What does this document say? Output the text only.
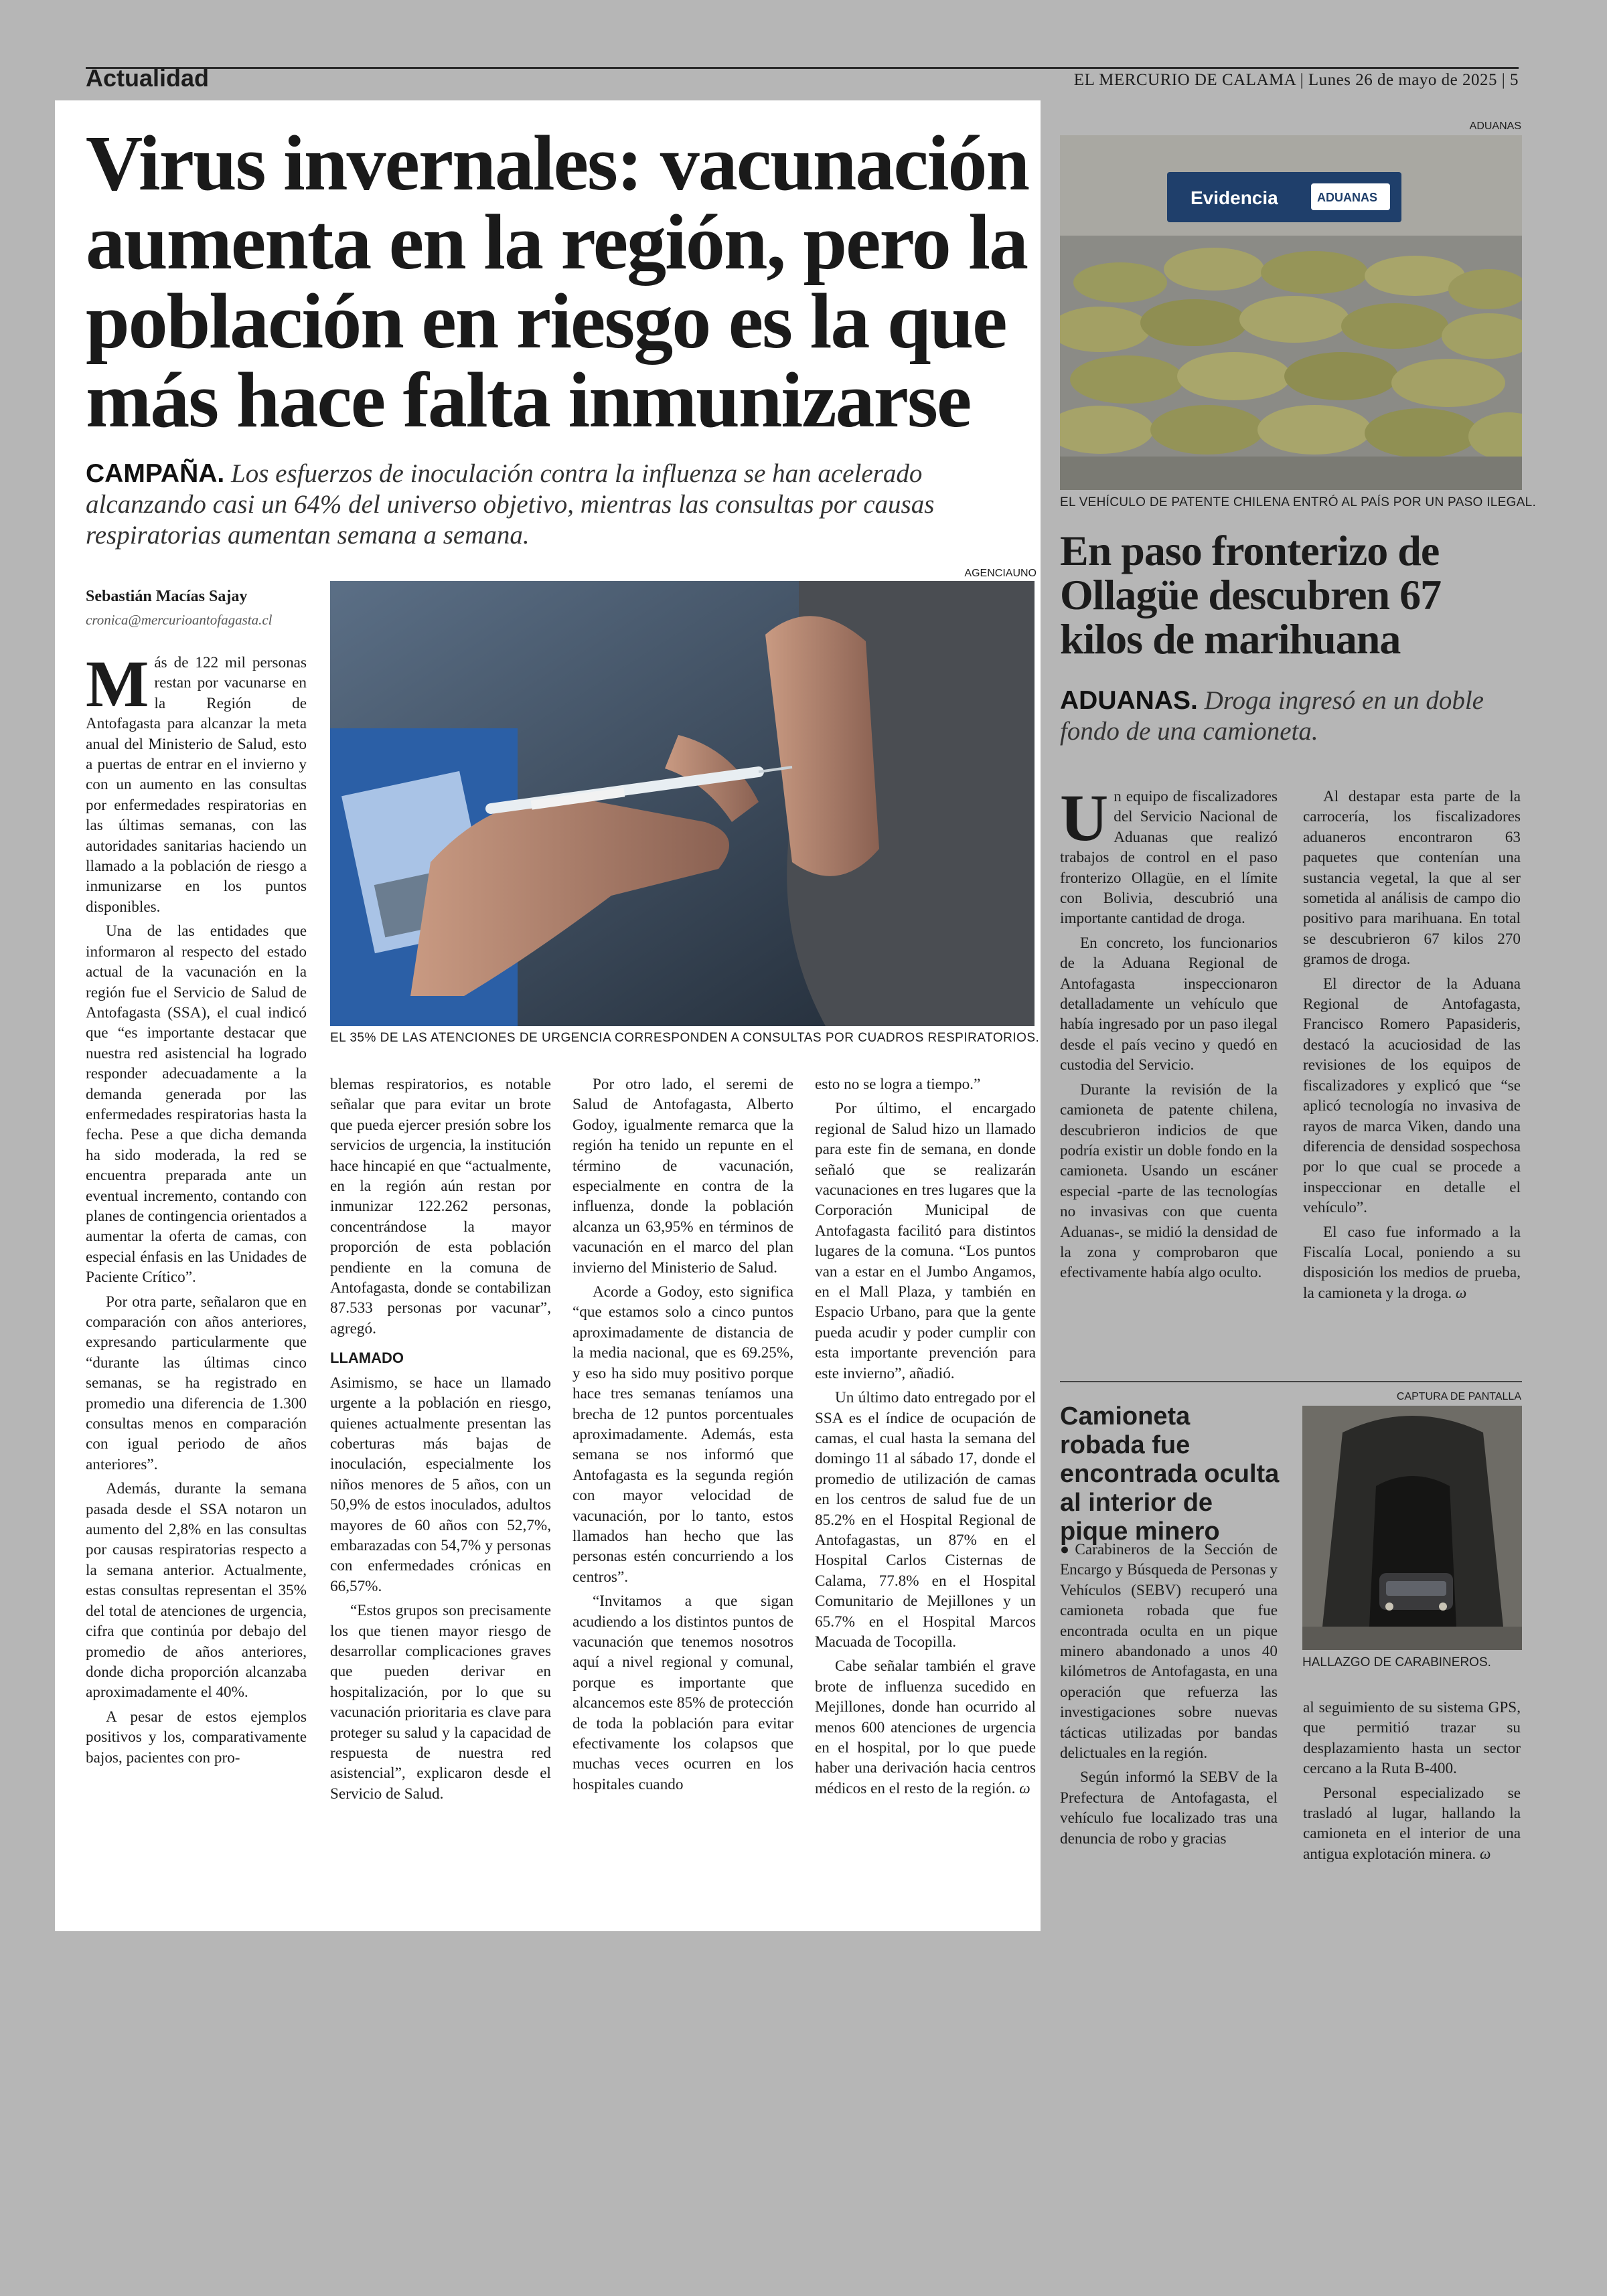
Actualidad	EL MERCURIO DE CALAMA | Lunes 26 de mayo de 2025 | 5
Virus invernales: vacunación aumenta en la región, pero la población en riesgo es la que más hace falta inmunizarse
CAMPAÑA. Los esfuerzos de inoculación contra la influenza se han acelerado alcanzando casi un 64% del universo objetivo, mientras las consultas por causas respiratorias aumentan semana a semana.
Sebastián Macías Sajay
cronica@mercurioantofagasta.cl
AGENCIAUNO
EL 35% DE LAS ATENCIONES DE URGENCIA CORRESPONDEN A CONSULTAS POR CUADROS RESPIRATORIOS.

Más de 122 mil personas restan por vacunarse en la Región de Antofagasta para alcanzar la meta anual del Ministerio de Salud, esto a puertas de entrar en el invierno y con un aumento en las consultas por enfermedades respiratorias en las últimas semanas, con las autoridades sanitarias haciendo un llamado a la población de riesgo a inmunizarse en los puntos disponibles.

Una de las entidades que informaron al respecto del estado actual de la vacunación en la región fue el Servicio de Salud de Antofagasta (SSA), el cual indicó que “es importante destacar que nuestra red asistencial ha logrado responder adecuadamente a la demanda generada por las enfermedades respiratorias hasta la fecha. Pese a que dicha demanda ha sido moderada, la red se encuentra preparada ante un eventual incremento, contando con planes de contingencia orientados a aumentar la oferta de camas, con especial énfasis en las Unidades de Paciente Crítico”.

Por otra parte, señalaron que en comparación con años anteriores, expresando particularmente que “durante las últimas cinco semanas, se ha registrado en promedio una diferencia de 1.300 consultas menos en comparación con igual periodo de años anteriores”.

Además, durante la semana pasada desde el SSA notaron un aumento del 2,8% en las consultas por causas respiratorias respecto a la semana anterior. Actualmente, estas consultas representan el 35% del total de atenciones de urgencia, cifra que continúa por debajo del promedio de años anteriores, donde dicha proporción alcanzaba aproximadamente el 40%.

A pesar de estos ejemplos positivos y los, comparativamente bajos, pacientes con pro-

blemas respiratorios, es notable señalar que para evitar un brote que pueda ejercer presión sobre los servicios de urgencia, la institución hace hincapié en que “actualmente, en la región aún restan por inmunizar 122.262 personas, concentrándose la mayor proporción de esta población pendiente en la comuna de Antofagasta, donde se contabilizan 87.533 personas por vacunar”, agregó.

LLAMADO

Asimismo, se hace un llamado urgente a la población en riesgo, quienes actualmente presentan las coberturas más bajas de inoculación, especialmente los niños menores de 5 años, con un 50,9% de estos inoculados, adultos mayores de 60 años con 52,7%, embarazadas con 54,7% y personas con enfermedades crónicas en 66,57%.

“Estos grupos son precisamente los que tienen mayor riesgo de desarrollar complicaciones graves que pueden derivar en hospitalización, por lo que su vacunación prioritaria es clave para proteger su salud y la capacidad de respuesta de nuestra red asistencial”, explicaron desde el Servicio de Salud.

Por otro lado, el seremi de Salud de Antofagasta, Alberto Godoy, igualmente remarca que la región ha tenido un repunte en el término de vacunación, especialmente en contra de la influenza, donde la población alcanza un 63,95% en términos de vacunación en el marco del plan invierno del Ministerio de Salud.

Acorde a Godoy, esto significa “que estamos solo a cinco puntos aproximadamente de distancia de la media nacional, que es 69.25%, y eso ha sido muy positivo porque hace tres semanas teníamos una brecha de 12 puntos porcentuales aproximadamente. Además, esta semana se nos informó que Antofagasta es la segunda región con mayor velocidad de vacunación, por lo tanto, estos llamados han hecho que las personas estén concurriendo a los centros”.

“Invitamos a que sigan acudiendo a los distintos puntos de vacunación que tenemos nosotros aquí a nivel regional y comunal, porque es importante que alcancemos este 85% de protección de toda la población para evitar efectivamente los colapsos que muchas veces ocurren en los hospitales cuando

esto no se logra a tiempo.”

Por último, el encargado regional de Salud hizo un llamado para este fin de semana, en donde señaló que se realizarán vacunaciones en tres lugares que la Corporación Municipal de Antofagasta facilitó para distintos lugares de la comuna. “Los puntos van a estar en el Jumbo Angamos, en el Mall Plaza, y también en Espacio Urbano, para que la gente pueda acudir y poder cumplir con esta importante prevención para este invierno”, añadió.

Un último dato entregado por el SSA es el índice de ocupación de camas, el cual hasta la semana del domingo 11 al sábado 17, donde el promedio de utilización de camas en los centros de salud fue de un 85.2% en el Hospital Regional de Antofagastas, un 87% en el Hospital Carlos Cisternas de Calama, 77.8% en el Hospital Comunitario de Mejillones y un 65.7% en el Hospital Marcos Macuada de Tocopilla.

Cabe señalar también el grave brote de influenza sucedido en Mejillones, donde han ocurrido al menos 600 atenciones de urgencia en el hospital, por lo que puede haber una derivación hacia centros médicos en el resto de la región. ω

ADUANAS
Evidencia	ADUANAS
EL VEHÍCULO DE PATENTE CHILENA ENTRÓ AL PAÍS POR UN PASO ILEGAL.
En paso fronterizo de Ollagüe descubren 67 kilos de marihuana
ADUANAS. Droga ingresó en un doble fondo de una camioneta.

Un equipo de fiscalizadores del Servicio Nacional de Aduanas que realizó trabajos de control en el paso fronterizo Ollagüe, en el límite con Bolivia, descubrió una importante cantidad de droga.

En concreto, los funcionarios de la Aduana Regional de Antofagasta inspeccionaron detalladamente un vehículo que había ingresado por un paso ilegal desde el país vecino y quedó en custodia del Servicio.

Durante la revisión de la camioneta de patente chilena, descubrieron indicios de que podría existir un doble fondo en la camioneta. Usando un escáner especial -parte de las tecnologías no invasivas con que cuenta Aduanas-, se midió la densidad de la zona y comprobaron que efectivamente había algo oculto.

Al destapar esta parte de la carrocería, los fiscalizadores aduaneros encontraron 63 paquetes que contenían una sustancia vegetal, la que al ser sometida al análisis de campo dio positivo para marihuana. En total se descubrieron 67 kilos 270 gramos de droga.

El director de la Aduana Regional de Antofagasta, Francisco Romero Papasideris, destacó la acuciosidad de las revisiones de los equipos de fiscalizadores y explicó que “se aplicó tecnología no invasiva de rayos de marca Viken, dando una diferencia de densidad sospechosa por lo que cual se procede a inspeccionar en detalle el vehículo”.

El caso fue informado a la Fiscalía Local, poniendo a su disposición los medios de prueba, la camioneta y la droga. ω

CAPTURA DE PANTALLA
Camioneta robada fue encontrada oculta al interior de pique minero
HALLAZGO DE CARABINEROS.

●Carabineros de la Sección de Encargo y Búsqueda de Personas y Vehículos (SEBV) recuperó una camioneta robada que fue encontrada oculta en un pique minero abandonado a unos 40 kilómetros de Antofagasta, en una operación que refuerza las investigaciones sobre nuevas tácticas utilizadas por bandas delictuales en la región.

Según informó la SEBV de la Prefectura de Antofagasta, el vehículo fue localizado tras una denuncia de robo y gracias

al seguimiento de su sistema GPS, que permitió trazar su desplazamiento hasta un sector cercano a la Ruta B-400.

Personal especializado se trasladó al lugar, hallando la camioneta en el interior de una antigua explotación minera. ω
